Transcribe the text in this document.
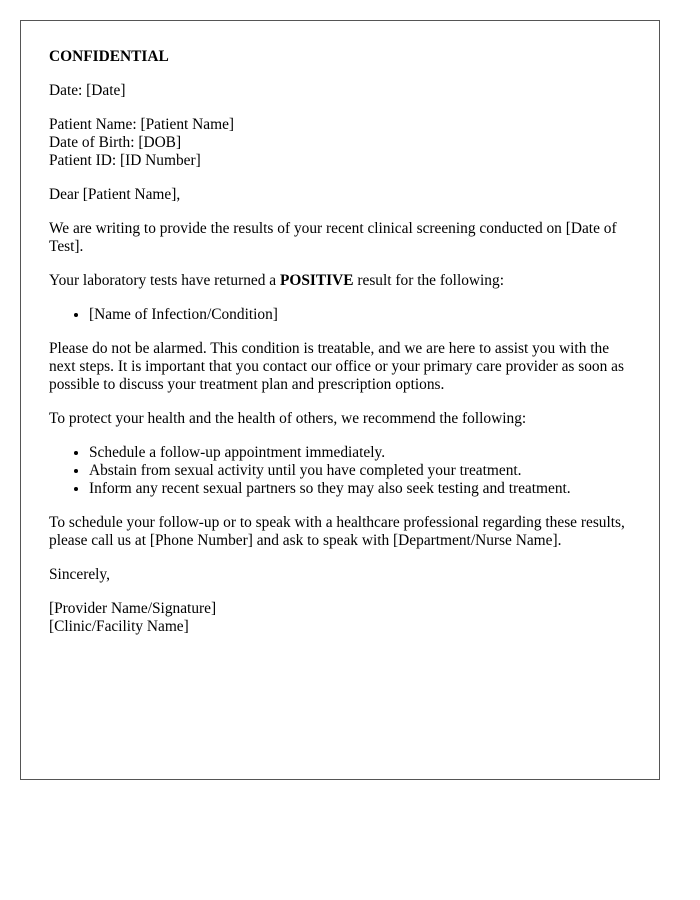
CONFIDENTIAL
Date: [Date]
Patient Name: [Patient Name]
Date of Birth: [DOB]
Patient ID: [ID Number]
Dear [Patient Name],
We are writing to provide the results of your recent clinical screening conducted on [Date of Test].
Your laboratory tests have returned a POSITIVE result for the following:
• [Name of Infection/Condition]
Please do not be alarmed. This condition is treatable, and we are here to assist you with the next steps. It is important that you contact our office or your primary care provider as soon as possible to discuss your treatment plan and prescription options.
To protect your health and the health of others, we recommend the following:
• Schedule a follow-up appointment immediately.
• Abstain from sexual activity until you have completed your treatment.
• Inform any recent sexual partners so they may also seek testing and treatment.
To schedule your follow-up or to speak with a healthcare professional regarding these results, please call us at [Phone Number] and ask to speak with [Department/Nurse Name].
Sincerely,
[Provider Name/Signature]
[Clinic/Facility Name]
